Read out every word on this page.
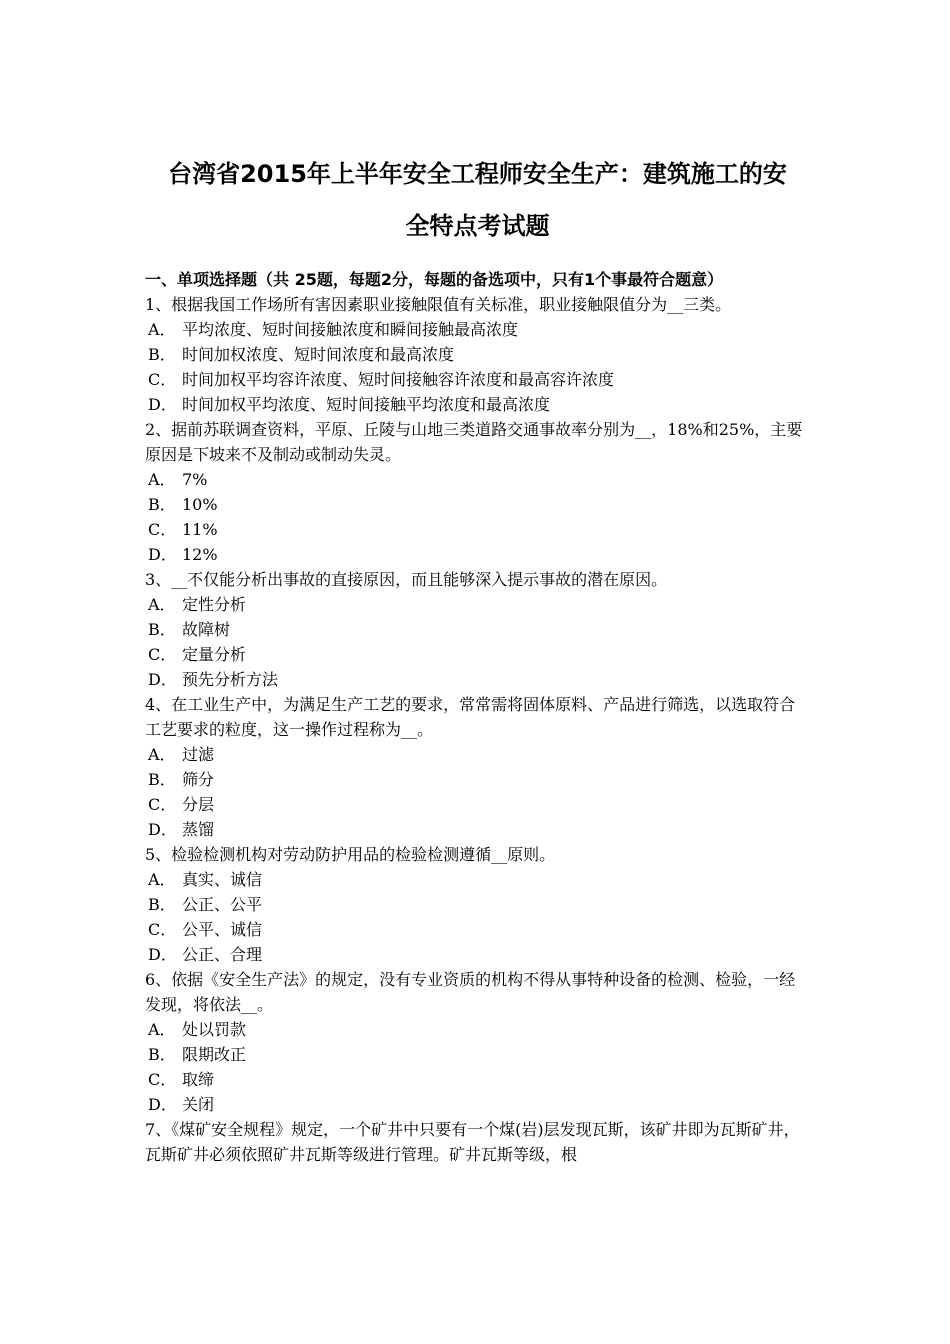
台湾省2015年上半年安全工程师安全生产：建筑施工的安
全特点考试题

一、单项选择题（共 25题，每题2分，每题的备选项中，只有1个事最符合题意）

1、根据我国工作场所有害因素职业接触限值有关标准，职业接触限值分为__三类。

A． 平均浓度、短时间接触浓度和瞬间接触最高浓度

B． 时间加权浓度、短时间浓度和最高浓度

C． 时间加权平均容许浓度、短时间接触容许浓度和最高容许浓度

D． 时间加权平均浓度、短时间接触平均浓度和最高浓度

2、据前苏联调查资料，平原、丘陵与山地三类道路交通事故率分别为__，18%和25%，主要原因是下坡来不及制动或制动失灵。

A． 7%

B． 10%

C． 11%

D． 12%

3、__不仅能分析出事故的直接原因，而且能够深入提示事故的潜在原因。

A． 定性分析

B． 故障树

C． 定量分析

D． 预先分析方法

4、在工业生产中，为满足生产工艺的要求，常常需将固体原料、产品进行筛选，以选取符合工艺要求的粒度，这一操作过程称为__。

A． 过滤

B． 筛分

C． 分层

D． 蒸馏

5、检验检测机构对劳动防护用品的检验检测遵循__原则。

A． 真实、诚信

B． 公正、公平

C． 公平、诚信

D． 公正、合理

6、依据《安全生产法》的规定，没有专业资质的机构不得从事特种设备的检测、检验，一经发现，将依法__。

A． 处以罚款

B． 限期改正

C． 取缔

D． 关闭

7、《煤矿安全规程》规定，一个矿井中只要有一个煤(岩)层发现瓦斯，该矿井即为瓦斯矿井，瓦斯矿井必须依照矿井瓦斯等级进行管理。矿井瓦斯等级，根
